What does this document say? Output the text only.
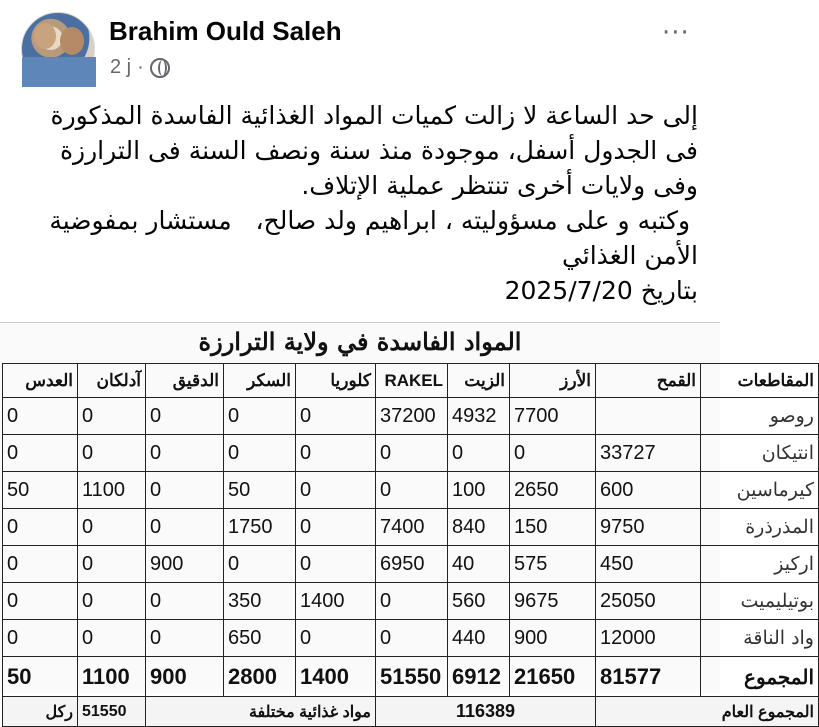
Brahim Ould Saleh
2 j ·
···

إلى حد الساعة لا زالت كميات المواد الغذائية الفاسدة المذكورة فى الجدول أسفل، موجودة منذ سنة ونصف السنة فى الترارزة وفى ولايات أخرى تنتظر عملية الإتلاف.

وكتبه و على مسؤوليته ، ابراهيم ولد صالح،   مستشار بمفوضية الأمن الغذائي

بتاريخ 2025/7/20

المواد الفاسدة في ولاية الترارزة
العدس	آدلكان	الدقيق	السكر	كلوريا	RAKEL	الزيت	الأرز	القمح	المقاطعات
0	0	0	0	0	37200	4932	7700		روصو
0	0	0	0	0	0	0	0	33727	انتيكان
50	1100	0	50	0	0	100	2650	600	كيرماسين
0	0	0	1750	0	7400	840	150	9750	المذرذرة
0	0	900	0	0	6950	40	575	450	اركيز
0	0	0	350	1400	0	560	9675	25050	بوتيليميت
0	0	0	650	0	0	440	900	12000	واد الناقة
50	1100	900	2800	1400	51550	6912	21650	81577	المجموع
ركل	51550	مواد غذائية مختلفة			116389			المجموع العام	
